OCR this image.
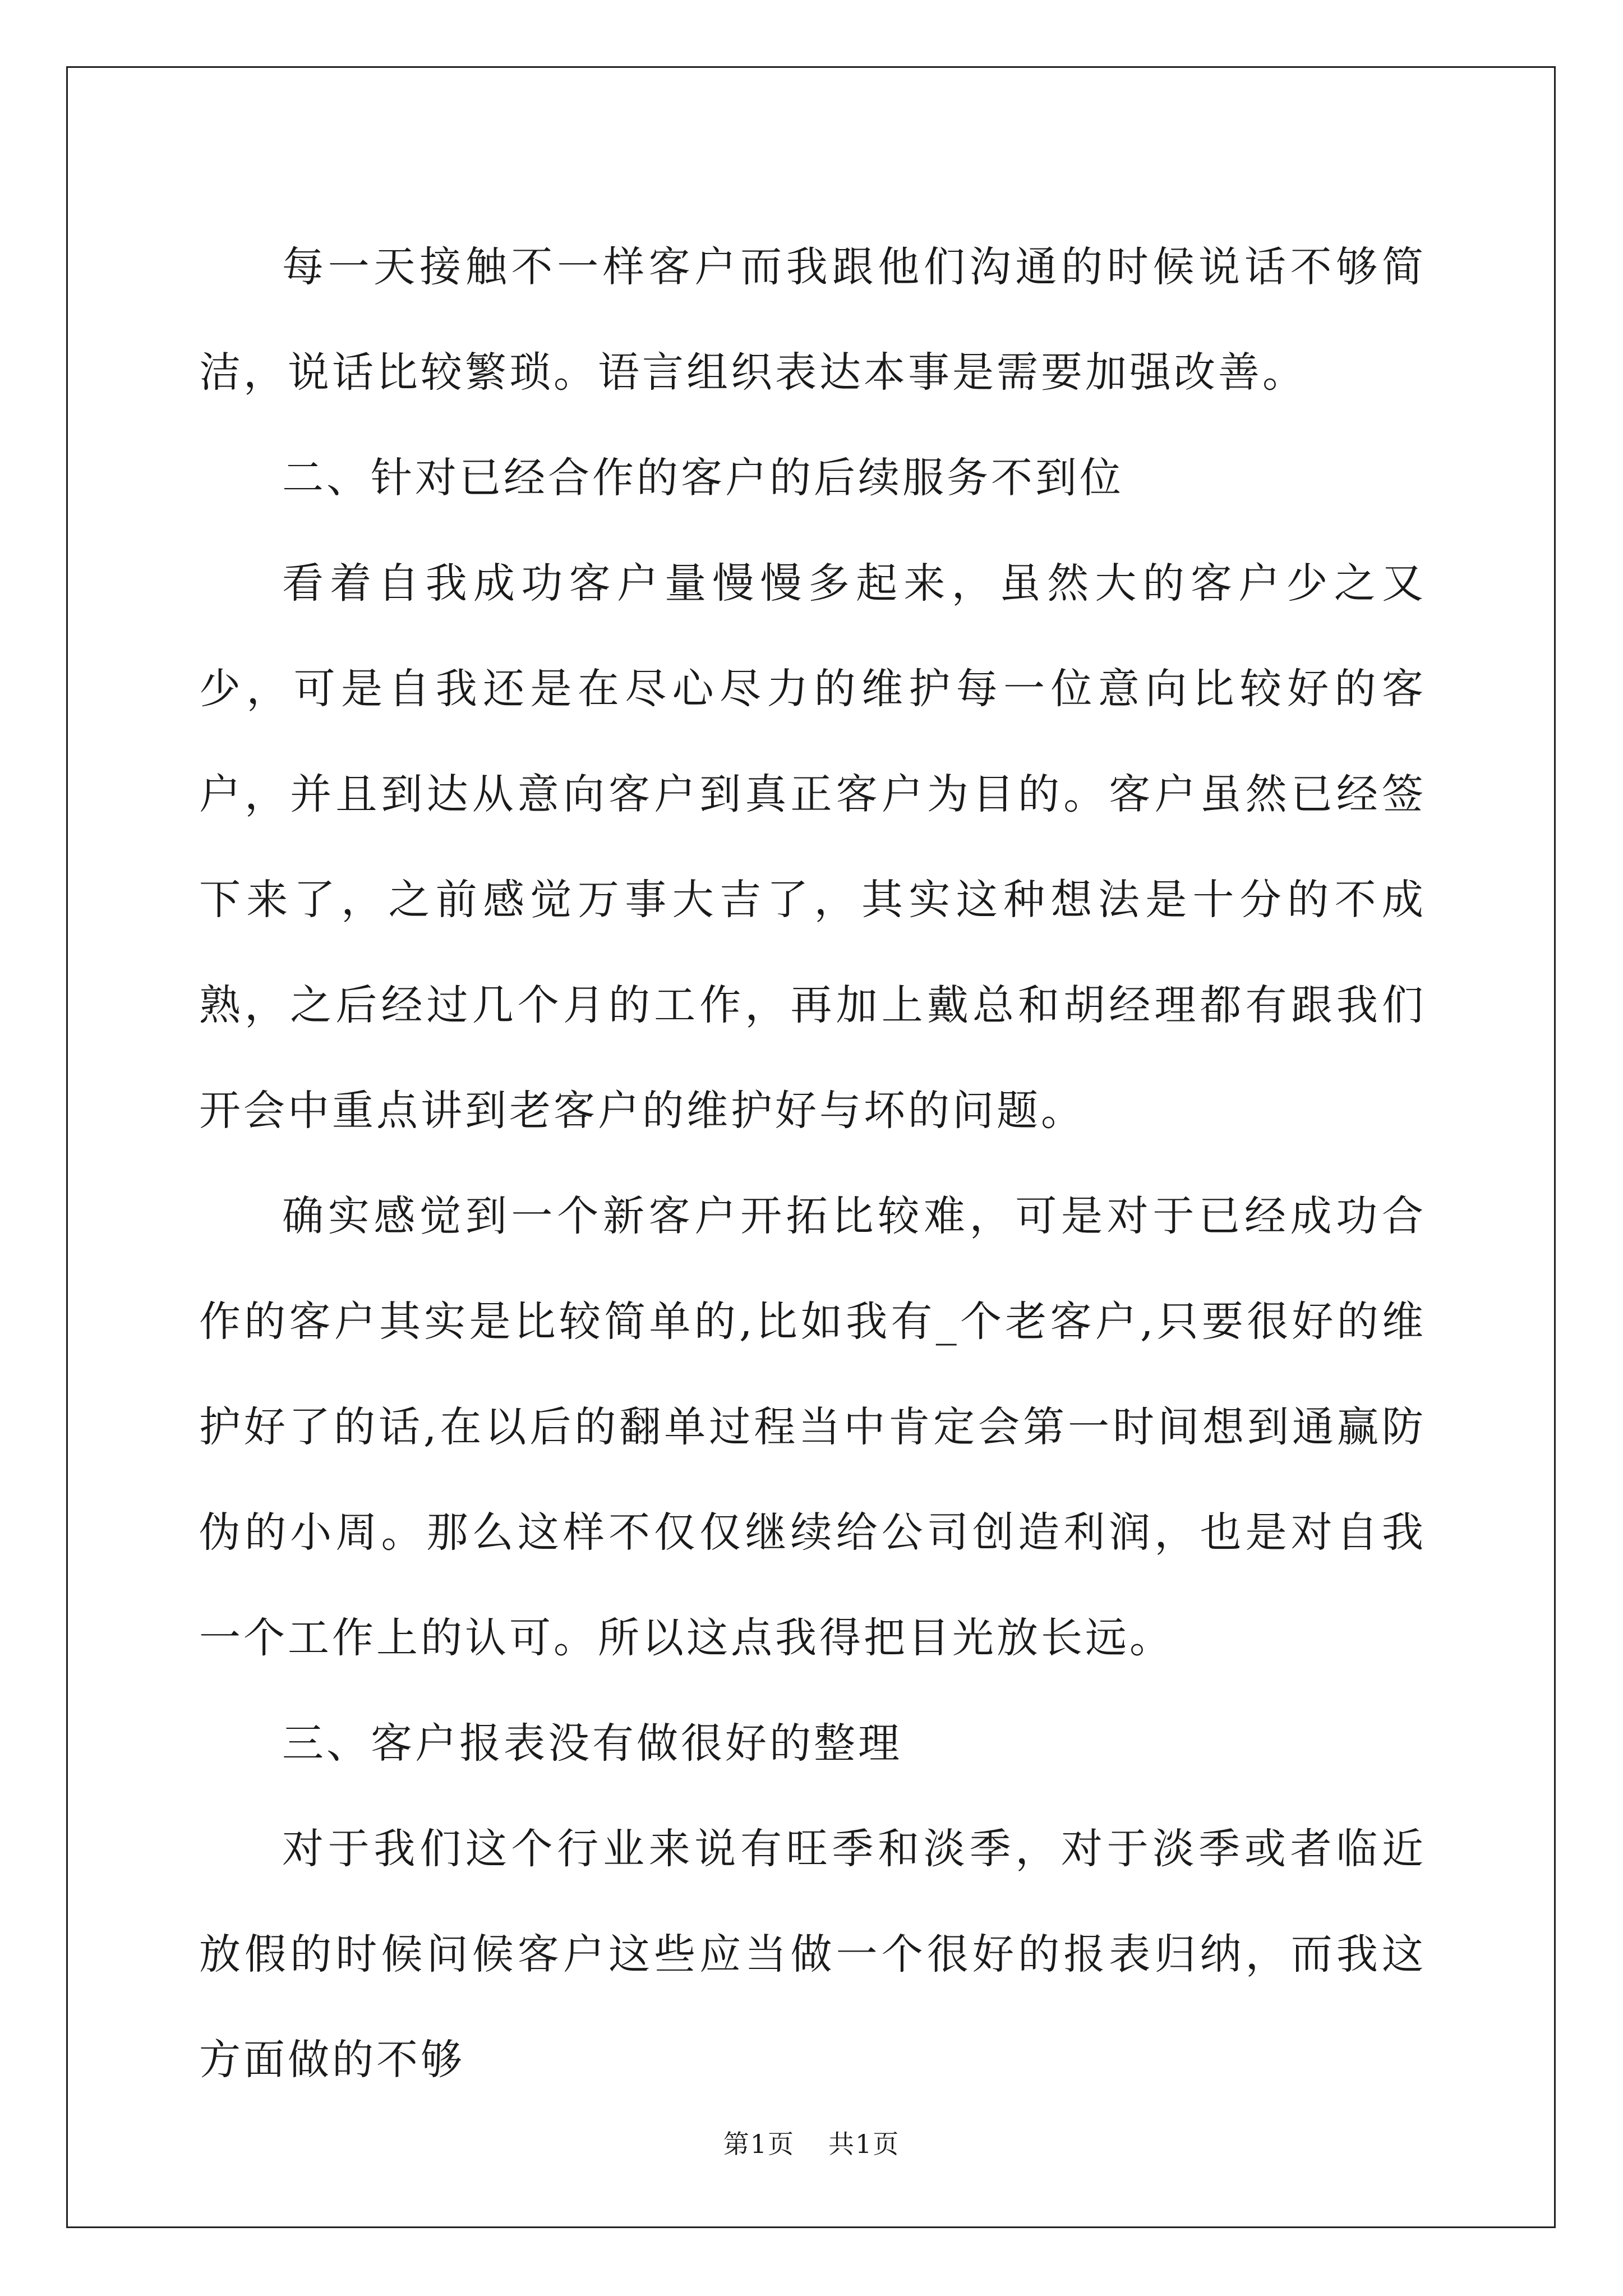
每一天接触不一样客户而我跟他们沟通的时候说话不够简洁，说话比较繁琐。语言组织表达本事是需要加强改善。

二、针对已经合作的客户的后续服务不到位

看着自我成功客户量慢慢多起来，虽然大的客户少之又少，可是自我还是在尽心尽力的维护每一位意向比较好的客户，并且到达从意向客户到真正客户为目的。客户虽然已经签下来了，之前感觉万事大吉了，其实这种想法是十分的不成熟，之后经过几个月的工作，再加上戴总和胡经理都有跟我们开会中重点讲到老客户的维护好与坏的问题。

确实感觉到一个新客户开拓比较难，可是对于已经成功合作的客户其实是比较简单的,比如我有_个老客户,只要很好的维护好了的话,在以后的翻单过程当中肯定会第一时间想到通赢防伪的小周。那么这样不仅仅继续给公司创造利润，也是对自我一个工作上的认可。所以这点我得把目光放长远。

三、客户报表没有做很好的整理

对于我们这个行业来说有旺季和淡季，对于淡季或者临近放假的时候问候客户这些应当做一个很好的报表归纳，而我这方面做的不够

第1页 共1页
